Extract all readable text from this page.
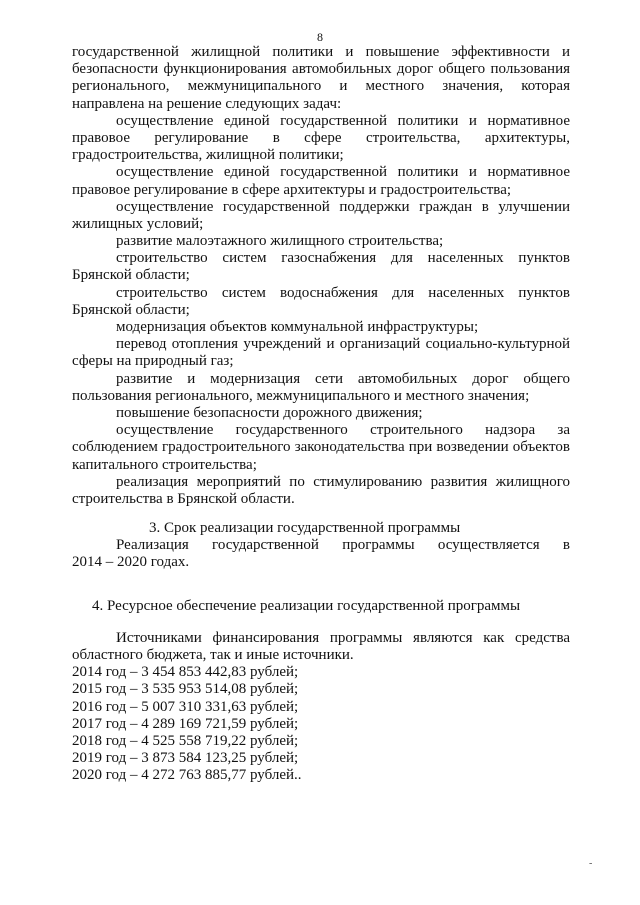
8
государственной жилищной политики и повышение эффективности и
безопасности функционирования автомобильных дорог общего пользования
регионального, межмуниципального и местного значения, которая
направлена на решение следующих задач:
осуществление единой государственной политики и нормативное
правовое регулирование в сфере строительства, архитектуры,
градостроительства, жилищной политики;
осуществление единой государственной политики и нормативное
правовое регулирование в сфере архитектуры и градостроительства;
осуществление государственной поддержки граждан в улучшении
жилищных условий;
развитие малоэтажного жилищного строительства;
строительство систем газоснабжения для населенных пунктов
Брянской области;
строительство систем водоснабжения для населенных пунктов
Брянской области;
модернизация объектов коммунальной инфраструктуры;
перевод отопления учреждений и организаций социально-культурной
сферы на природный газ;
развитие и модернизация сети автомобильных дорог общего
пользования регионального, межмуниципального и местного значения;
повышение безопасности дорожного движения;
осуществление государственного строительного надзора за
соблюдением градостроительного законодательства при возведении объектов
капитального строительства;
реализация мероприятий по стимулированию развития жилищного
строительства в Брянской области.
3. Срок реализации государственной программы
Реализация государственной программы осуществляется в
2014 – 2020 годах.
4. Ресурсное обеспечение реализации государственной программы
Источниками финансирования программы являются как средства
областного бюджета, так и иные источники.
2014 год – 3 454 853 442,83 рублей;
2015 год – 3 535 953 514,08 рублей;
2016 год – 5 007 310 331,63 рублей;
2017 год – 4 289 169 721,59 рублей;
2018 год – 4 525 558 719,22 рублей;
2019 год – 3 873 584 123,25 рублей;
2020 год – 4 272 763 885,77 рублей..
-
